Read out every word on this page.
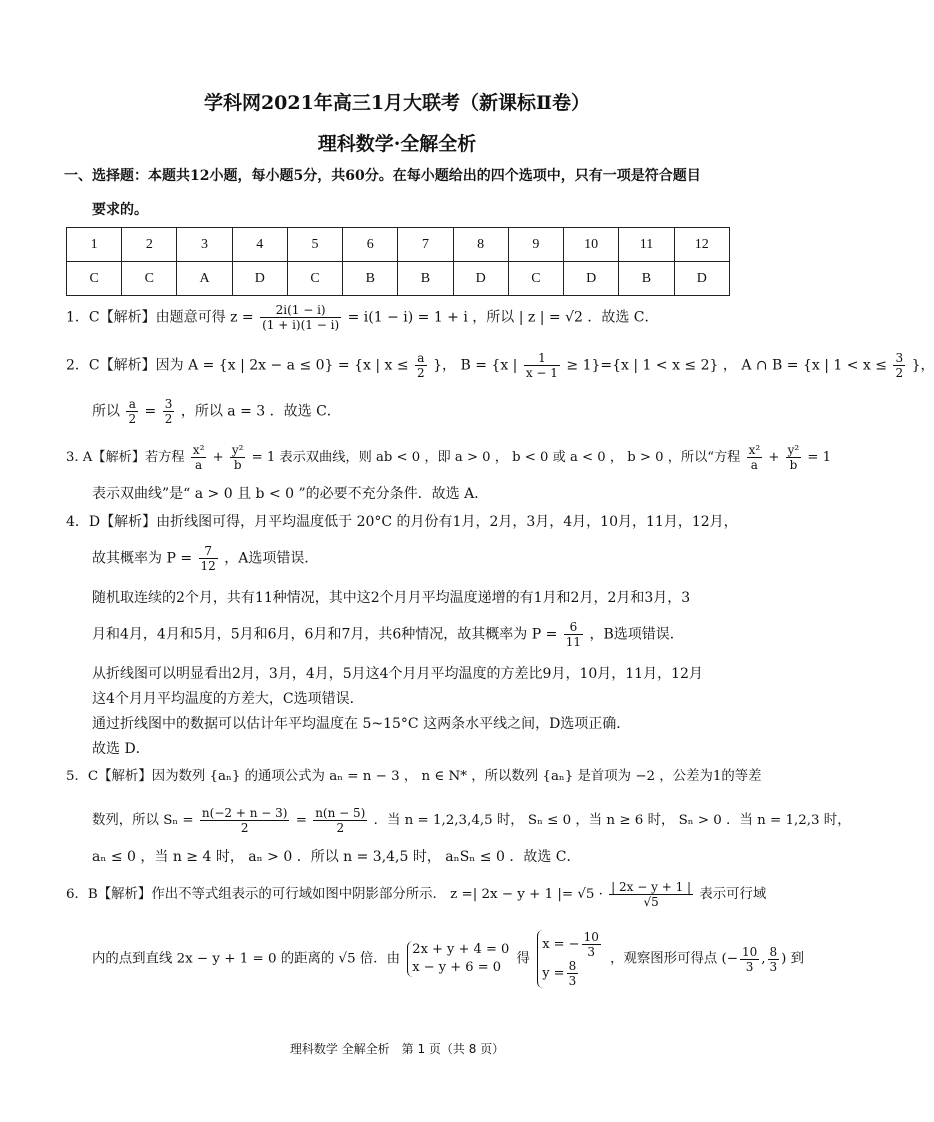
学科网2021年高三1月大联考（新课标Ⅱ卷）
理科数学·全解全析
一、选择题：本题共12小题，每小题5分，共60分。在每小题给出的四个选项中，只有一项是符合题目
要求的。
1	2	3	4	5	6	7	8	9	10	11	12
C	C	A	D	C	B	B	D	C	D	B	D
1．C【解析】由题意可得 $z = \frac{2i(1 - i)}{(1 + i)(1 - i)} = i(1 - i) = 1 + i$ ，所以 | z | = √2 ．故选 C．
2．C【解析】因为 A = {x | 2x − a ≤ 0} = {x | $x \le \frac{a}{2}$ }， B = {x | $\frac{1}{x - 1} \ge 1\}=\{x$ | 1 < x ≤ 2} ， A ∩ B = {x | $1 < x \le \frac{3}{2}$ }，
所以 $\frac{a}{2} = \frac{3}{2}$ ，所以 a = 3 ．故选 C．
3. A【解析】若方程 $\frac{\text{x²}}{a} + \frac{\text{y²}}{b} = 1$ 表示双曲线，则 ab < 0 ，即 a > 0 ， b < 0 或 a < 0 ， b > 0 ，所以“方程 $\frac{\text{x²}}{a} + \frac{\text{y²}}{b} = 1$
表示双曲线”是“ a > 0 且 b < 0 ”的必要不充分条件．故选 A．
4．D【解析】由折线图可得，月平均温度低于 20°C 的月份有1月，2月，3月，4月，10月，11月，12月，
故其概率为 $P = \frac{7}{12}$ ，A选项错误．
随机取连续的2个月，共有11种情况，其中这2个月月平均温度递增的有1月和2月，2月和3月，3
月和4月，4月和5月，5月和6月，6月和7月，共6种情况，故其概率为 $P = \frac{6}{11}$ ，B选项错误．
从折线图可以明显看出2月，3月，4月，5月这4个月月平均温度的方差比9月，10月，11月，12月
这4个月月平均温度的方差大，C选项错误．
通过折线图中的数据可以估计年平均温度在 5~15°C 这两条水平线之间，D选项正确．
故选 D．
5．C【解析】因为数列 {aₙ} 的通项公式为 aₙ = n − 3 ， n ∈ N* ，所以数列 {aₙ} 是首项为 −2 ，公差为1的等差
数列，所以 $S_n = \frac{n(-2 + n - 3)}{2} = \frac{n(n - 5)}{2}$ ．当 n = 1,2,3,4,5 时， Sₙ ≤ 0 ，当 n ≥ 6 时， Sₙ > 0 ．当 n = 1,2,3 时，
aₙ ≤ 0 ，当 n ≥ 4 时， aₙ > 0 ．所以 n = 3,4,5 时， aₙSₙ ≤ 0 ．故选 C．
6．B【解析】作出不等式组表示的可行域如图中阴影部分所示． z =| 2x − y + 1 |= $√5 \cdot \frac{| 2x - y + 1 |}{√5}$ 表示可行域
内的点到直线 2x − y + 1 = 0 的距离的 √5 倍．由
2x + y + 4 = 0
x − y + 6 = 0
得
x = − $\frac{10}{3}$
$y = \frac{8}{3}$ ，观察图形可得点 (− $\frac{10}{3}$ , $\frac{8}{3}$ ) 到
理科数学 全解全析　第 1 页（共 8 页）
